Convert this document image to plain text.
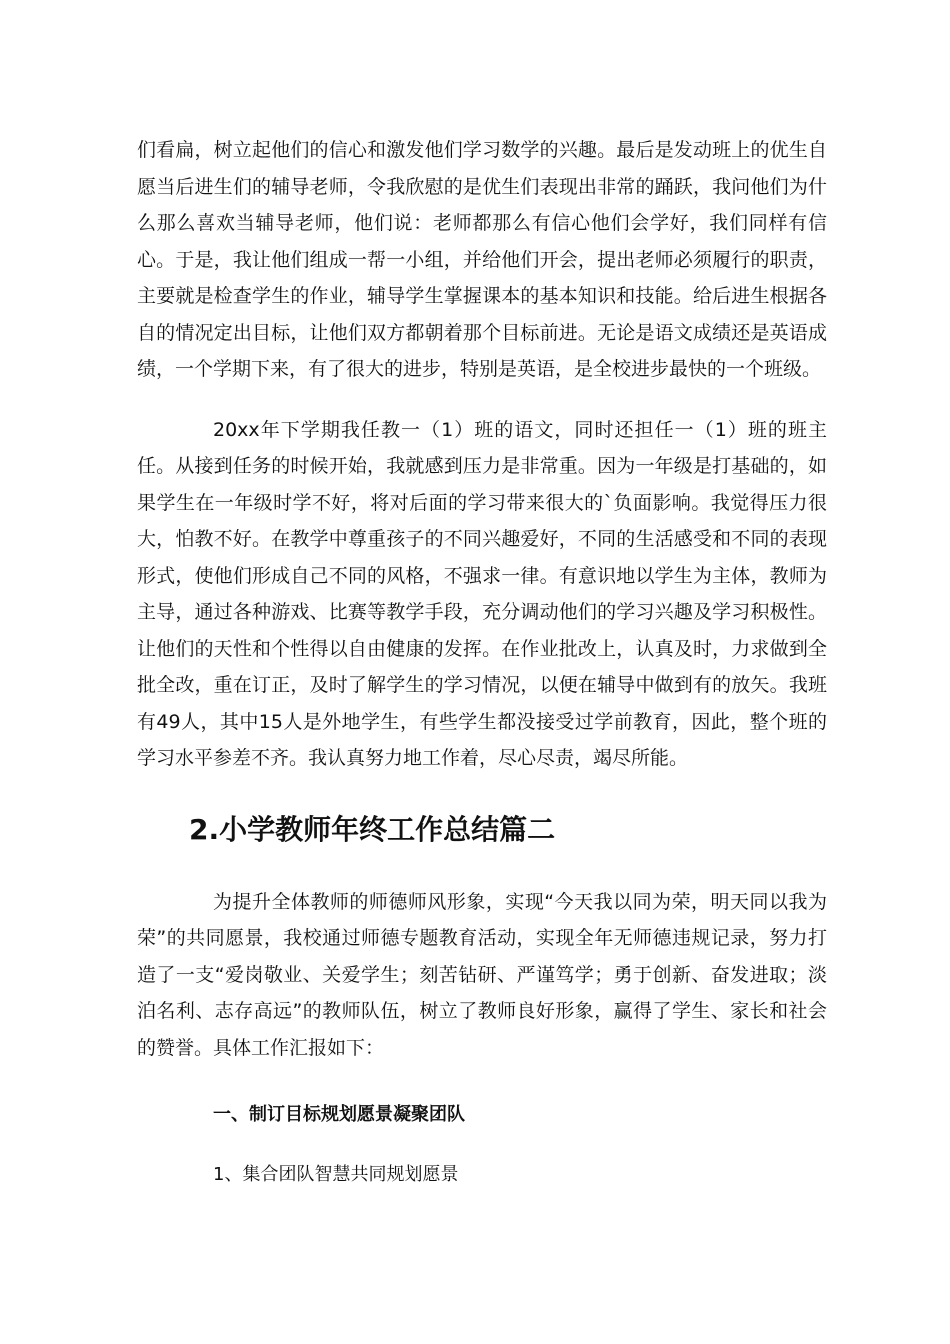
们看扁，树立起他们的信心和激发他们学习数学的兴趣。最后是发动班上的优生自愿当后进生们的辅导老师，令我欣慰的是优生们表现出非常的踊跃，我问他们为什么那么喜欢当辅导老师，他们说：老师都那么有信心他们会学好，我们同样有信心。于是，我让他们组成一帮一小组，并给他们开会，提出老师必须履行的职责，主要就是检查学生的作业，辅导学生掌握课本的基本知识和技能。给后进生根据各自的情况定出目标，让他们双方都朝着那个目标前进。无论是语文成绩还是英语成绩，一个学期下来，有了很大的进步，特别是英语，是全校进步最快的一个班级。

20xx年下学期我任教一（1）班的语文，同时还担任一（1）班的班主任。从接到任务的时候开始，我就感到压力是非常重。因为一年级是打基础的，如果学生在一年级时学不好，将对后面的学习带来很大的`负面影响。我觉得压力很大，怕教不好。在教学中尊重孩子的不同兴趣爱好，不同的生活感受和不同的表现形式，使他们形成自己不同的风格，不强求一律。有意识地以学生为主体，教师为主导，通过各种游戏、比赛等教学手段，充分调动他们的学习兴趣及学习积极性。让他们的天性和个性得以自由健康的发挥。在作业批改上，认真及时，力求做到全批全改，重在订正，及时了解学生的学习情况，以便在辅导中做到有的放矢。我班有49人，其中15人是外地学生，有些学生都没接受过学前教育，因此，整个班的学习水平参差不齐。我认真努力地工作着，尽心尽责，竭尽所能。

2.小学教师年终工作总结篇二

为提升全体教师的师德师风形象，实现“今天我以同为荣，明天同以我为荣”的共同愿景，我校通过师德专题教育活动，实现全年无师德违规记录，努力打造了一支“爱岗敬业、关爱学生；刻苦钻研、严谨笃学；勇于创新、奋发进取；淡泊名利、志存高远”的教师队伍，树立了教师良好形象，赢得了学生、家长和社会的赞誉。具体工作汇报如下：

一、制订目标规划愿景凝聚团队

1、集合团队智慧共同规划愿景
